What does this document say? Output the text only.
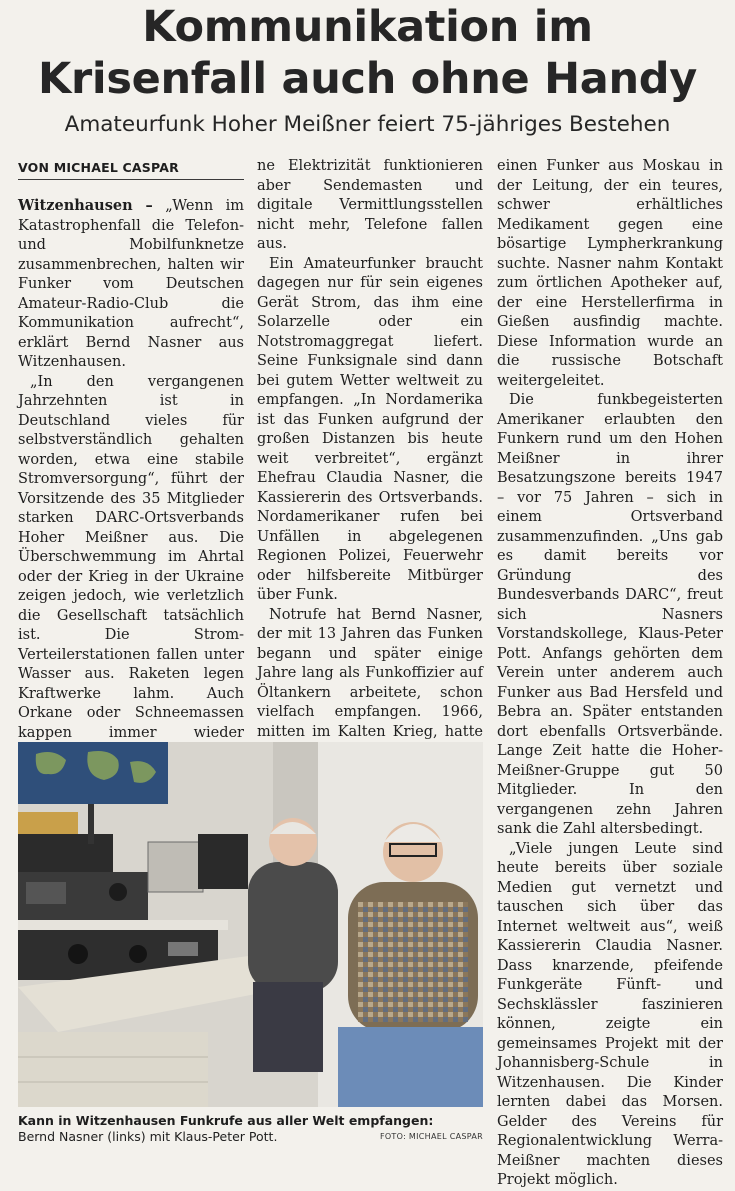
Kommunikation im
Krisenfall auch ohne Handy
Amateurfunk Hoher Meißner feiert 75-jähriges Bestehen
VON MICHAEL CASPAR

Witzenhausen – „Wenn im Katastrophenfall die Telefon- und Mobilfunknetze zusammenbrechen, halten wir Funker vom Deutschen Amateur-Radio-Club die Kommunikation aufrecht“, erklärt Bernd Nasner aus Witzenhausen.

„In den vergangenen Jahrzehnten ist in Deutschland vieles für selbstverständlich gehalten worden, etwa eine stabile Stromversorgung“, führt der Vorsitzende des 35 Mitglieder starken DARC-Ortsverbands Hoher Meißner aus. Die Überschwemmung im Ahrtal oder der Krieg in der Ukraine zeigen jedoch, wie verletzlich die Gesellschaft tatsächlich ist. Die Strom-Verteilerstationen fallen unter Wasser aus. Raketen legen Kraftwerke lahm. Auch Orkane oder Schneemassen kappen immer wieder

ne Elektrizität funktionieren aber Sendemasten und digitale Vermittlungsstellen nicht mehr, Telefone fallen aus.

Ein Amateurfunker braucht dagegen nur für sein eigenes Gerät Strom, das ihm eine Solarzelle oder ein Notstromaggregat liefert. Seine Funksignale sind dann bei gutem Wetter weltweit zu empfangen. „In Nordamerika ist das Funken aufgrund der großen Distanzen bis heute weit verbreitet“, ergänzt Ehefrau Claudia Nasner, die Kassiererin des Ortsverbands. Nordamerikaner rufen bei Unfällen in abgelegenen Regionen Polizei, Feuerwehr oder hilfsbereite Mitbürger über Funk.

Notrufe hat Bernd Nasner, der mit 13 Jahren das Funken begann und später einige Jahre lang als Funkoffizier auf Öltankern arbeitete, schon vielfach empfangen. 1966, mitten im Kalten Krieg, hatte

einen Funker aus Moskau in der Leitung, der ein teures, schwer erhältliches Medikament gegen eine bösartige Lympherkrankung suchte. Nasner nahm Kontakt zum örtlichen Apotheker auf, der eine Herstellerfirma in Gießen ausfindig machte. Diese Information wurde an die russische Botschaft weitergeleitet.

Die funkbegeisterten Amerikaner erlaubten den Funkern rund um den Hohen Meißner in ihrer Besatzungszone bereits 1947 – vor 75 Jahren – sich in einem Ortsverband zusammenzufinden. „Uns gab es damit bereits vor Gründung des Bundesverbands DARC“, freut sich Nasners Vorstandskollege, Klaus-Peter Pott. Anfangs gehörten dem Verein unter anderem auch Funker aus Bad Hersfeld und Bebra an. Später entstanden dort ebenfalls Ortsverbände. Lange Zeit hatte die Hoher-Meißner-Gruppe gut 50 Mitglieder. In den vergangenen zehn Jahren sank die Zahl altersbedingt.

„Viele jungen Leute sind heute bereits über soziale Medien gut vernetzt und tauschen sich über das Internet weltweit aus“, weiß Kassiererin Claudia Nasner. Dass knarzende, pfeifende Funkgeräte Fünft- und Sechsklässler faszinieren können, zeigte ein gemeinsames Projekt mit der Johannisberg-Schule in Witzenhausen. Die Kinder lernten dabei das Morsen. Gelder des Vereins für Regionalentwicklung Werra-Meißner machten dieses Projekt möglich.

Kann in Witzenhausen Funkrufe aus aller Welt empfangen:
Bernd Nasner (links) mit Klaus-Peter Pott.	FOTO: MICHAEL CASPAR
